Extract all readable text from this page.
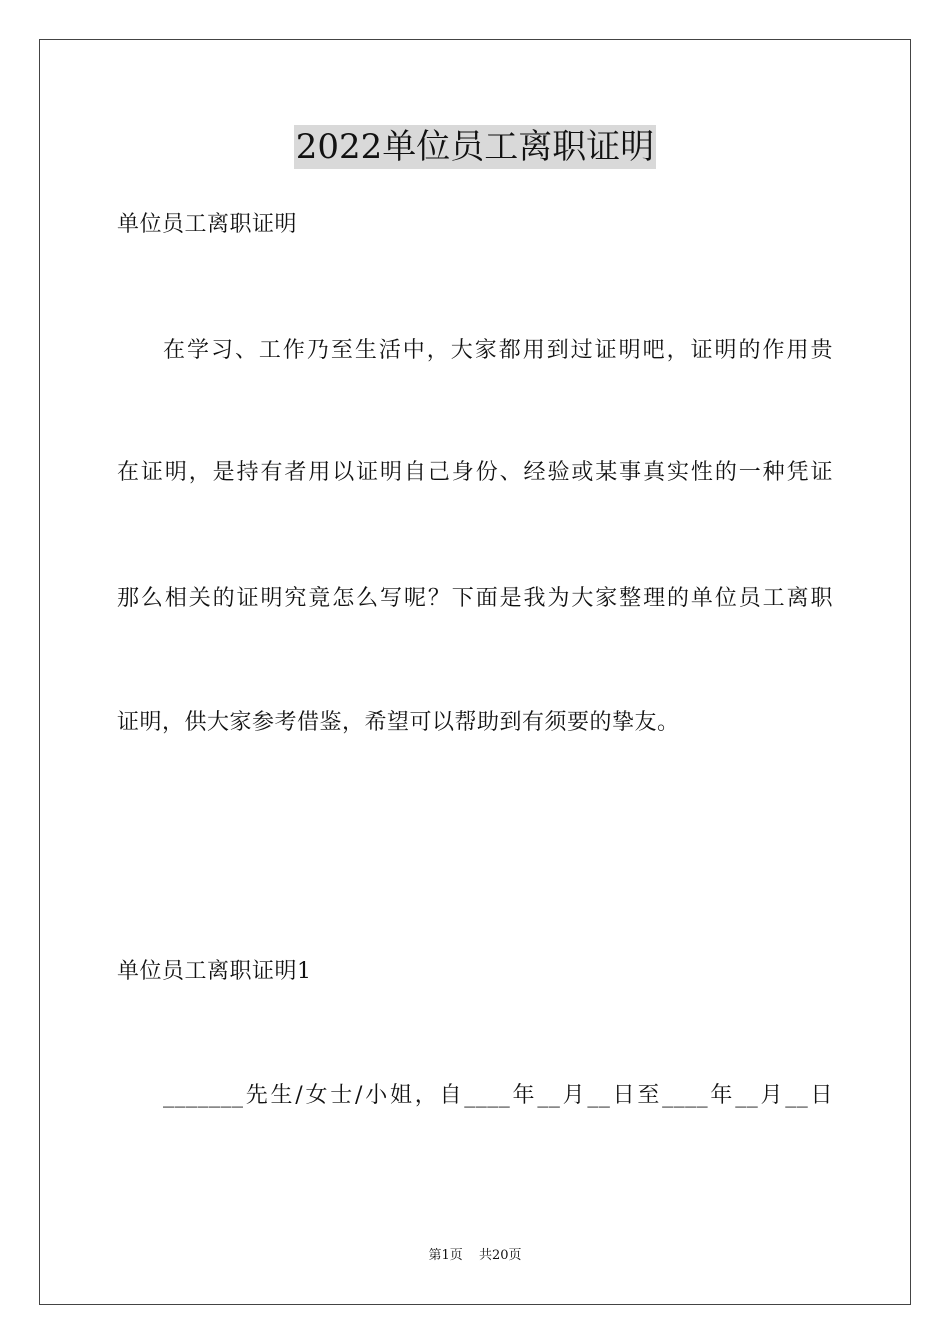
2022单位员工离职证明
单位员工离职证明
在学习、工作乃至生活中，大家都用到过证明吧，证明的作用贵
在证明，是持有者用以证明自己身份、经验或某事真实性的一种凭证
那么相关的证明究竟怎么写呢？下面是我为大家整理的单位员工离职
证明，供大家参考借鉴，希望可以帮助到有须要的挚友。
单位员工离职证明1
_______先生/女士/小姐，自____年__月__日至____年__月__日
第1页 共20页
